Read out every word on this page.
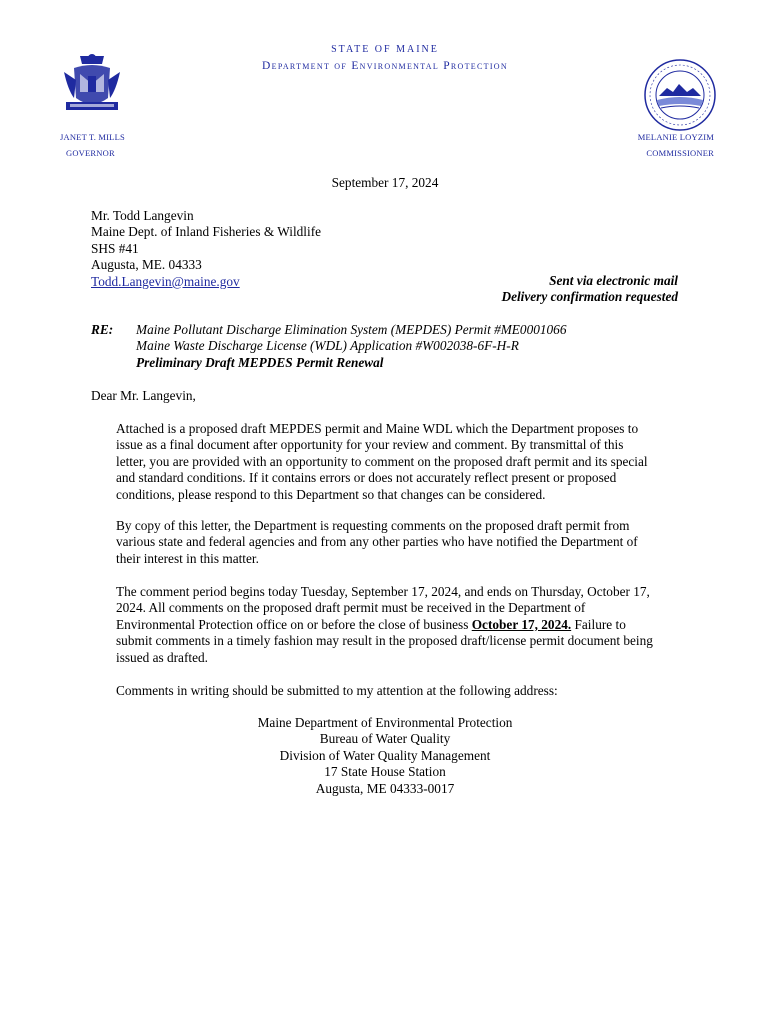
STATE OF MAINE
Department of Environmental Protection
JANET T. MILLS
GOVERNOR
MELANIE LOYZIM
COMMISSIONER
September 17, 2024
Mr. Todd Langevin
Maine Dept. of Inland Fisheries & Wildlife
SHS #41
Augusta, ME. 04333
Todd.Langevin@maine.gov	Sent via electronic mail
Delivery confirmation requested
RE: Maine Pollutant Discharge Elimination System (MEPDES) Permit #ME0001066
Maine Waste Discharge License (WDL) Application #W002038-6F-H-R
Preliminary Draft MEPDES Permit Renewal
Dear Mr. Langevin,
Attached is a proposed draft MEPDES permit and Maine WDL which the Department proposes to
issue as a final document after opportunity for your review and comment. By transmittal of this
letter, you are provided with an opportunity to comment on the proposed draft permit and its special
and standard conditions. If it contains errors or does not accurately reflect present or proposed
conditions, please respond to this Department so that changes can be considered.
By copy of this letter, the Department is requesting comments on the proposed draft permit from
various state and federal agencies and from any other parties who have notified the Department of
their interest in this matter.
The comment period begins today Tuesday, September 17, 2024, and ends on Thursday, October 17,
2024. All comments on the proposed draft permit must be received in the Department of
Environmental Protection office on or before the close of business October 17, 2024. Failure to
submit comments in a timely fashion may result in the proposed draft/license permit document being
issued as drafted.
Comments in writing should be submitted to my attention at the following address:
Maine Department of Environmental Protection
Bureau of Water Quality
Division of Water Quality Management
17 State House Station
Augusta, ME 04333-0017
